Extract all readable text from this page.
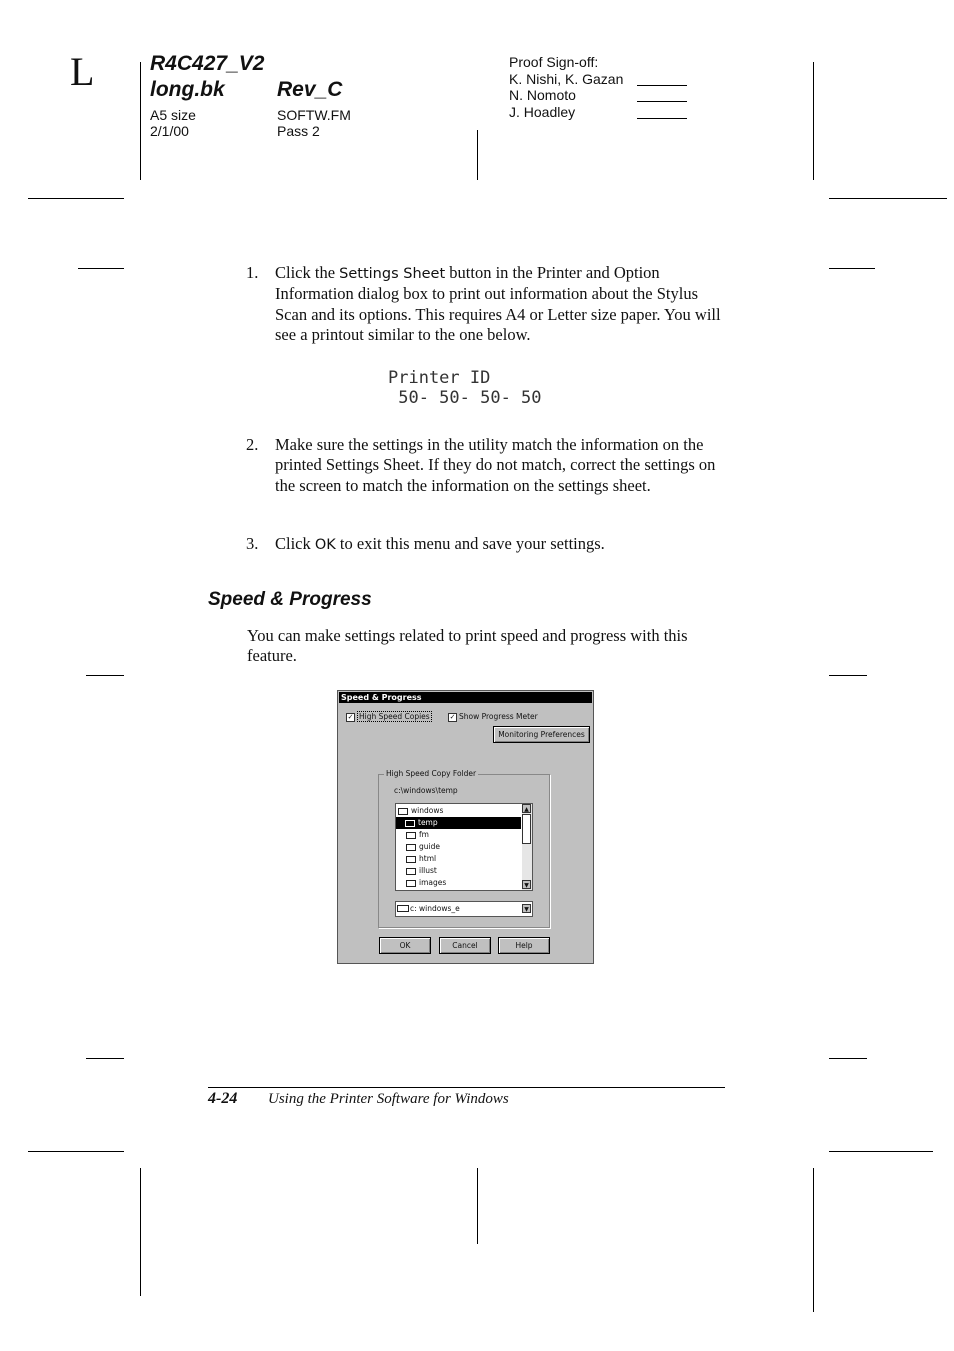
L	R4C427_V2
long.bk Rev_C
A5 size	SOFTW.FM
2/1/00	Pass 2
Proof Sign-off:
K. Nishi, K. Gazan
N. Nomoto
J. Hoadley
1. Click the Settings Sheet button in the Printer and Option Information dialog box to print out information about the Stylus Scan and its options. This requires A4 or Letter size paper. You will see a printout similar to the one below.
Printer ID
50- 50- 50- 50
2. Make sure the settings in the utility match the information on the printed Settings Sheet. If they do not match, correct the settings on the screen to match the information on the settings sheet.
3. Click OK to exit this menu and save your settings.
Speed & Progress
You can make settings related to print speed and progress with this feature.
Speed & Progress
✓ High Speed Copies	✓ Show Progress Meter
Monitoring Preferences
High Speed Copy Folder
c:\windows\temp
windows
temp
fm
guide
html
illust
images
▲
▼
c: windows_e	▼
OK	Cancel	Help
4-24 Using the Printer Software for Windows
